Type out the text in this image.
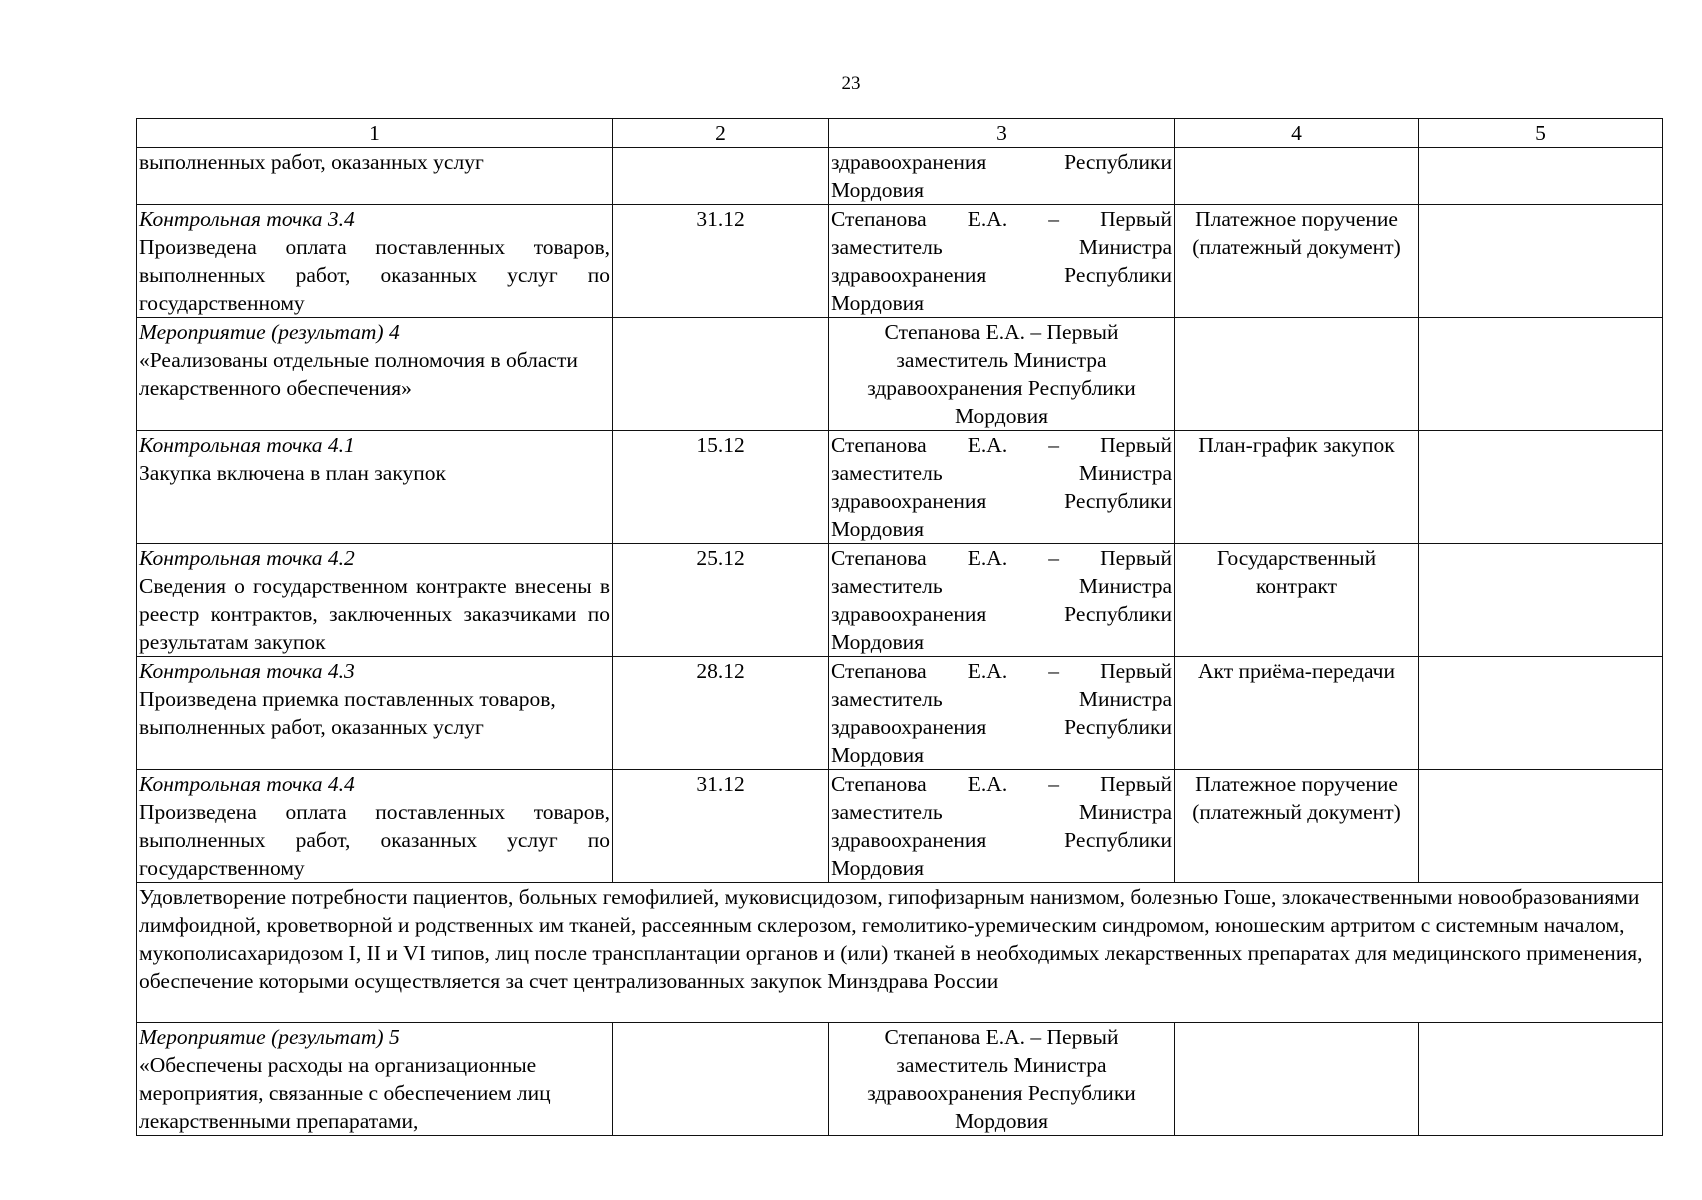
23
1	2	3	4	5

выполненных работ, оказанных услуг		здравоохранения Республики Мордовия		

Контрольная точка 3.4
Произведена оплата поставленных товаров, выполненных работ, оказанных услуг по государственному	31.12	Степанова Е.А. – Первый заместитель Министра здравоохранения Республики Мордовия	Платежное поручение (платежный документ)	

Мероприятие (результат) 4
«Реализованы отдельные полномочия в области лекарственного обеспечения»		Степанова Е.А. – Первый заместитель Министра здравоохранения Республики Мордовия		

Контрольная точка 4.1
Закупка включена в план закупок	15.12	Степанова Е.А. – Первый заместитель Министра здравоохранения Республики Мордовия	План-график закупок	

Контрольная точка 4.2
Сведения о государственном контракте внесены в реестр контрактов, заключенных заказчиками по результатам закупок	25.12	Степанова Е.А. – Первый заместитель Министра здравоохранения Республики Мордовия	Государственный контракт	

Контрольная точка 4.3
Произведена приемка поставленных товаров, выполненных работ, оказанных услуг	28.12	Степанова Е.А. – Первый заместитель Министра здравоохранения Республики Мордовия	Акт приёма-передачи	

Контрольная точка 4.4
Произведена оплата поставленных товаров, выполненных работ, оказанных услуг по государственному	31.12	Степанова Е.А. – Первый заместитель Министра здравоохранения Республики Мордовия	Платежное поручение (платежный документ)	

Удовлетворение потребности пациентов, больных гемофилией, муковисцидозом, гипофизарным нанизмом, болезнью Гоше, злокачественными новообразованиями лимфоидной, кроветворной и родственных им тканей, рассеянным склерозом, гемолитико-уремическим синдромом, юношеским артритом с системным началом, мукополисахаридозом I, II и VI типов, лиц после трансплантации органов и (или) тканей в необходимых лекарственных препаратах для медицинского применения, обеспечение которыми осуществляется за счет централизованных закупок Минздрава России				

Мероприятие (результат) 5
«Обеспечены расходы на организационные мероприятия, связанные с обеспечением лиц лекарственными препаратами,		Степанова Е.А. – Первый заместитель Министра здравоохранения Республики Мордовия		
